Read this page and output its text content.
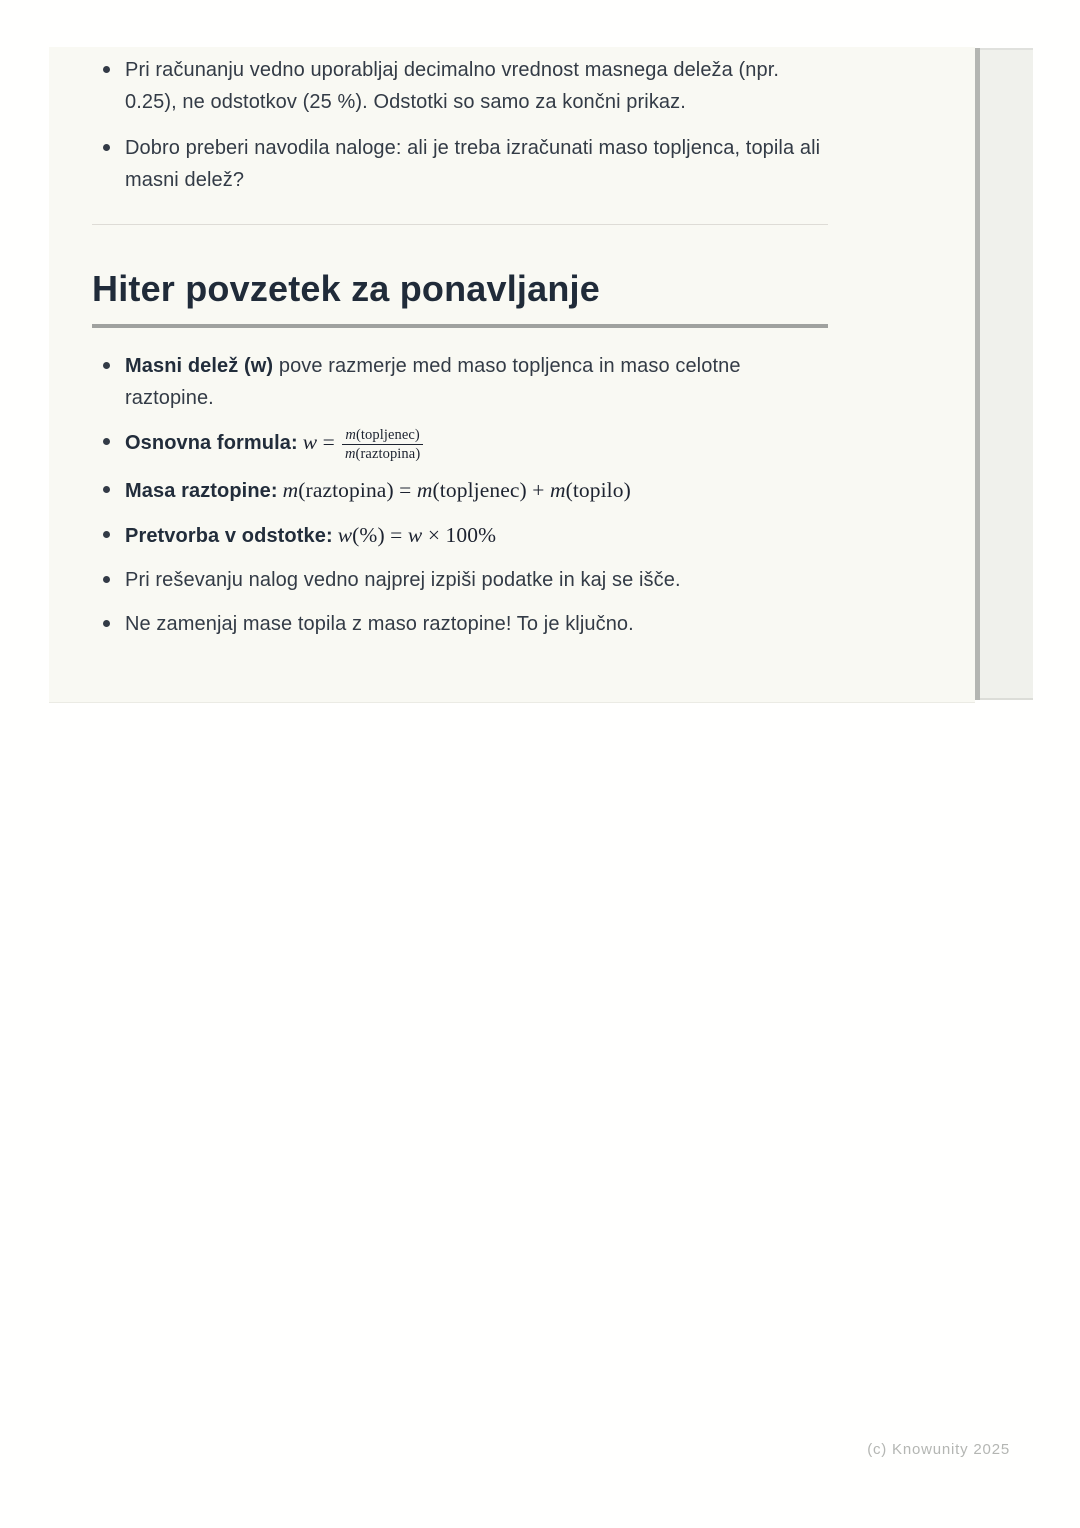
Pri računanju vedno uporabljaj decimalno vrednost masnega deleža (npr. 0.25), ne odstotkov (25 %). Odstotki so samo za končni prikaz.
Dobro preberi navodila naloge: ali je treba izračunati maso topljenca, topila ali masni delež?
Hiter povzetek za ponavljanje
Masni delež (w) pove razmerje med maso topljenca in maso celotne raztopine.
Osnovna formula: $w = \frac{\text{m(topljenec)}}{\text{m(raztopina)}}$
Masa raztopine: m(raztopina) = m(topljenec) + m(topilo)
Pretvorba v odstotke: w(%) = w × 100%
Pri reševanju nalog vedno najprej izpiši podatke in kaj se išče.
Ne zamenjaj mase topila z maso raztopine! To je ključno.
(c) Knowunity 2025
